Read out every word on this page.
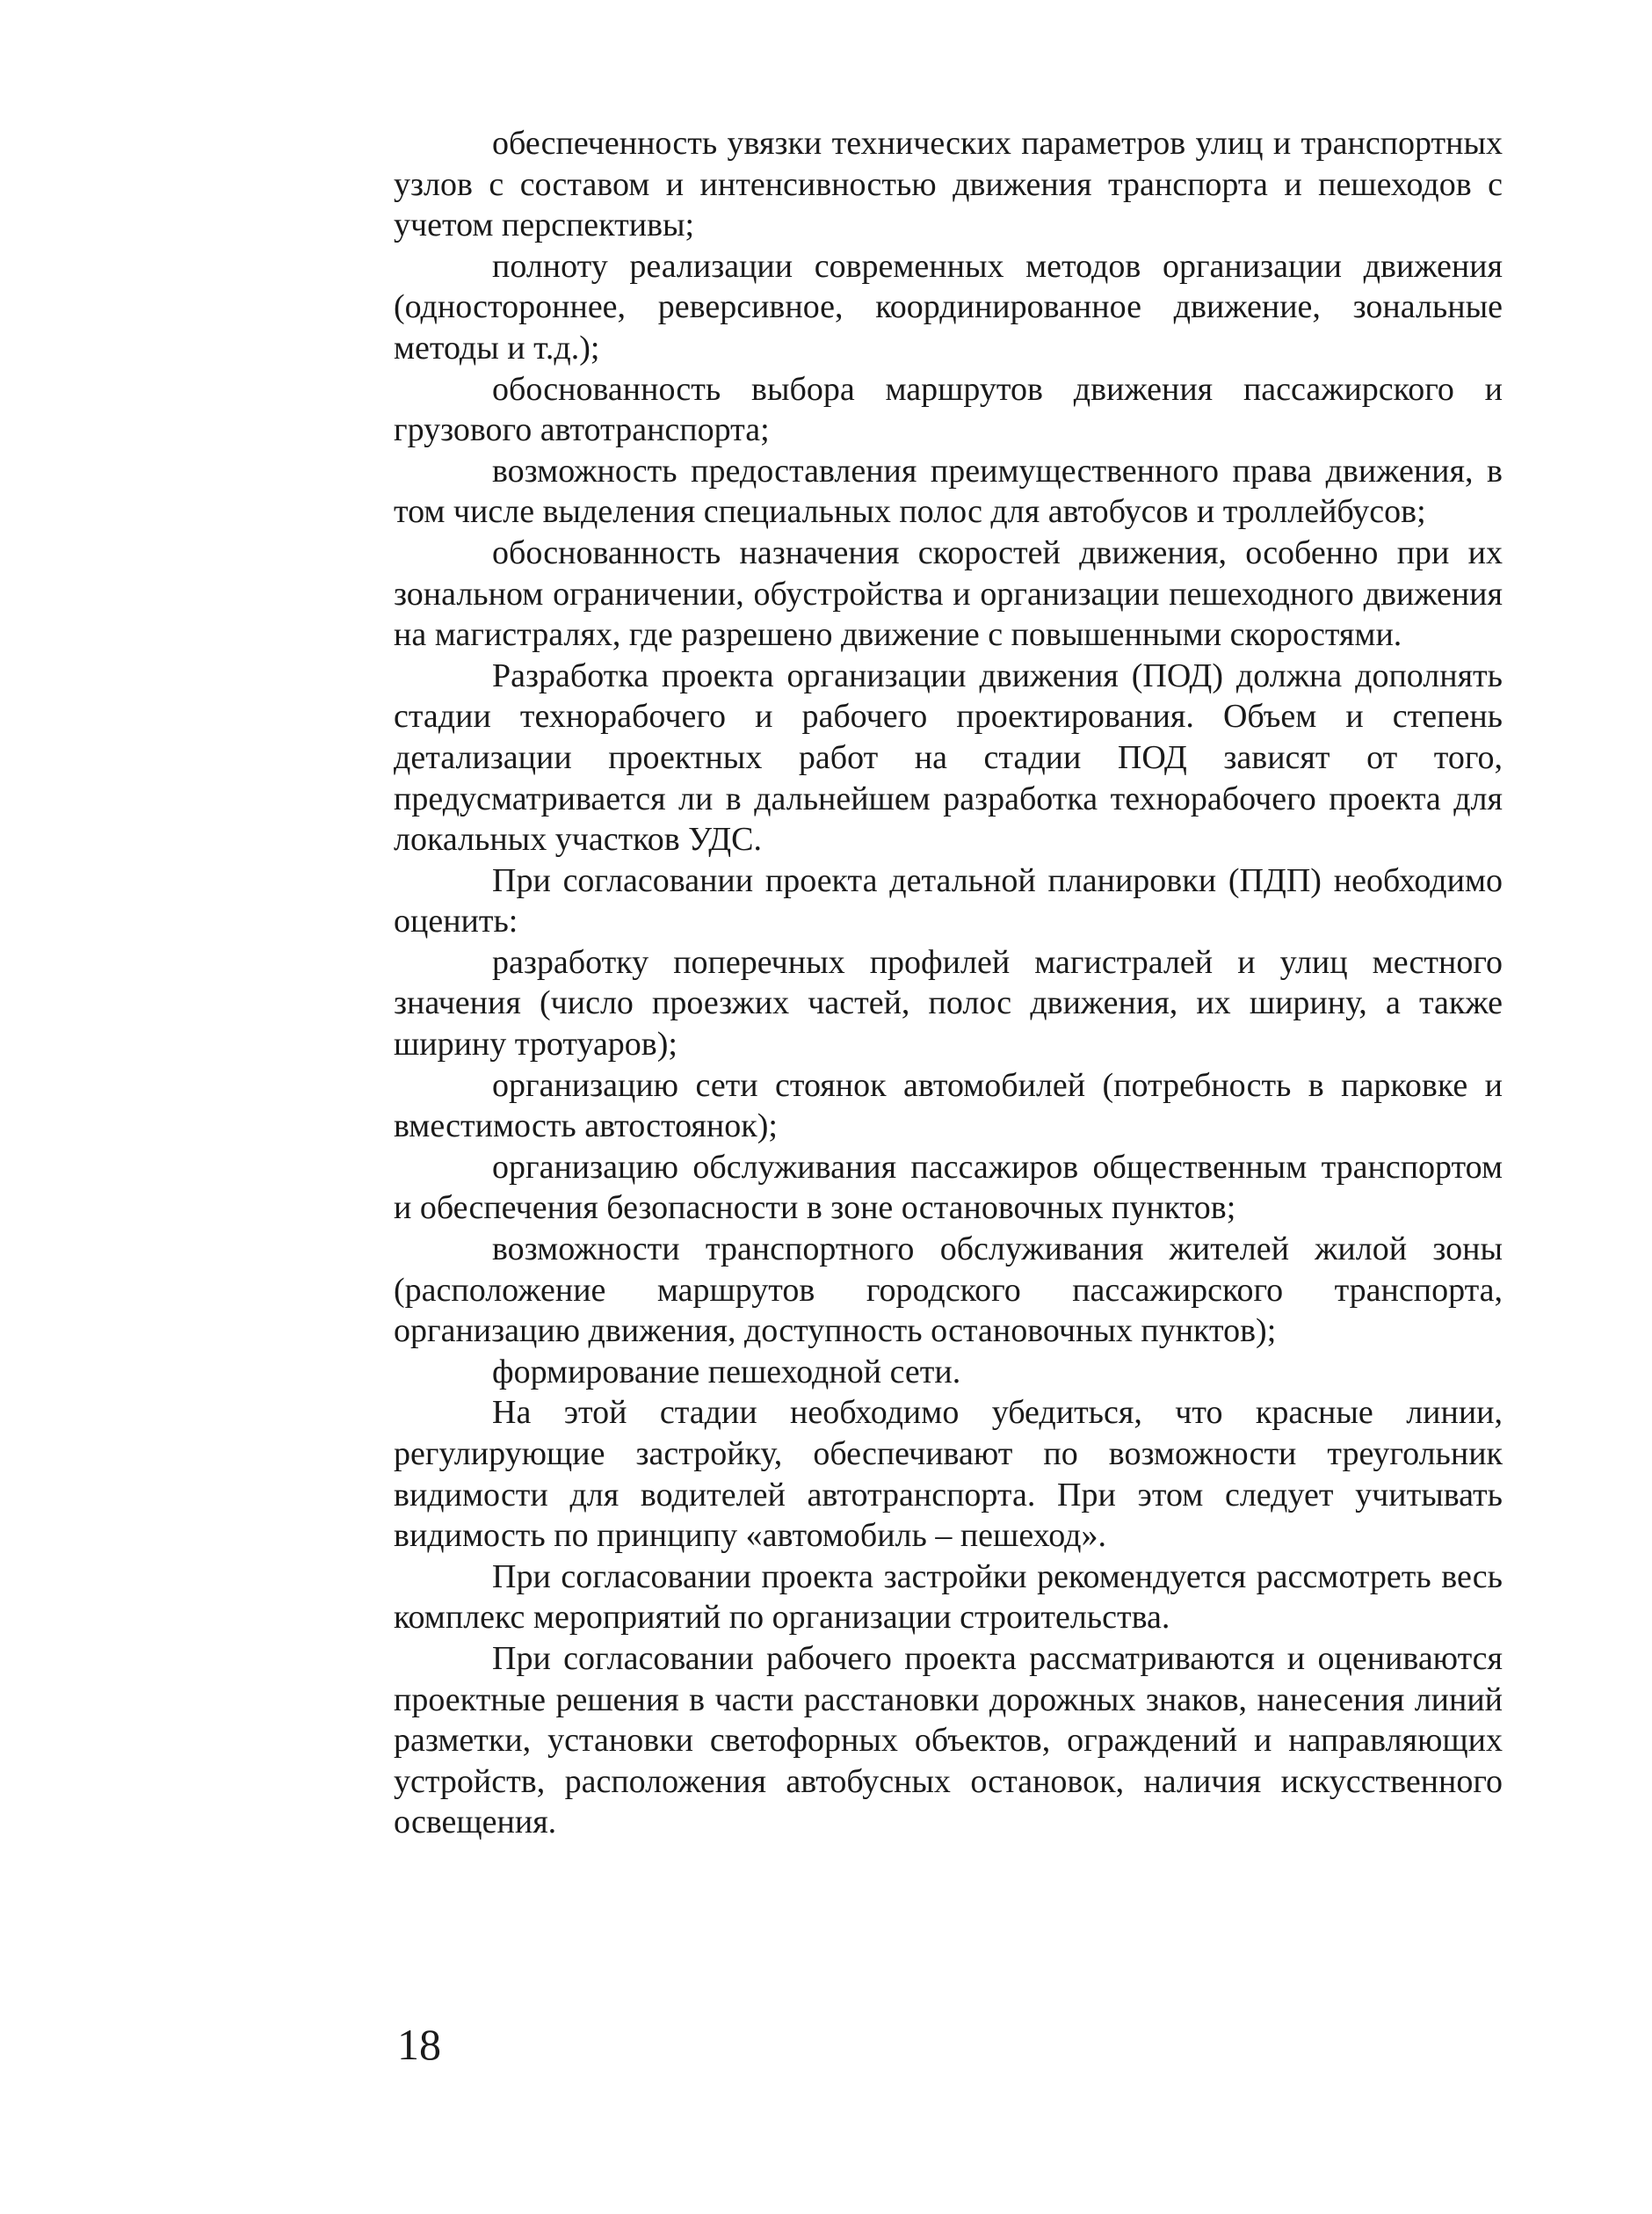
обеспеченность увязки технических параметров улиц и транспортных узлов с составом и интенсивностью движения транспорта и пешеходов с учетом перспективы;

полноту реализации современных методов организации движения (одностороннее, реверсивное, координированное движение, зональные методы и т.д.);

обоснованность выбора маршрутов движения пассажирского и грузового автотранспорта;

возможность предоставления преимущественного права движения, в том числе выделения специальных полос для автобусов и троллейбусов;

обоснованность назначения скоростей движения, особенно при их зональном ограничении, обустройства и организации пешеходного движения на магистралях, где разрешено движение с повышенными скоростями.

Разработка проекта организации движения (ПОД) должна дополнять стадии технорабочего и рабочего проектирования. Объем и степень детализации проектных работ на стадии ПОД зависят от того, предусматривается ли в дальнейшем разработка технорабочего проекта для локальных участков УДС.

При согласовании проекта детальной планировки (ПДП) необходимо оценить:

разработку поперечных профилей магистралей и улиц местного значения (число проезжих частей, полос движения, их ширину, а также ширину тротуаров);

организацию сети стоянок автомобилей (потребность в парковке и вместимость автостоянок);

организацию обслуживания пассажиров общественным транспортом и обеспечения безопасности в зоне остановочных пунктов;

возможности транспортного обслуживания жителей жилой зоны (расположение маршрутов городского пассажирского транспорта, организацию движения, доступность остановочных пунктов);

формирование пешеходной сети.

На этой стадии необходимо убедиться, что красные линии, регулирующие застройку, обеспечивают по возможности треугольник видимости для водителей автотранспорта. При этом следует учитывать видимость по принципу «автомобиль – пешеход».

При согласовании проекта застройки рекомендуется рассмотреть весь комплекс мероприятий по организации строительства.

При согласовании рабочего проекта рассматриваются и оцениваются проектные решения в части расстановки дорожных знаков, нанесения линий разметки, установки светофорных объектов, ограждений и направляющих устройств, расположения автобусных остановок, наличия искусственного освещения.

18
